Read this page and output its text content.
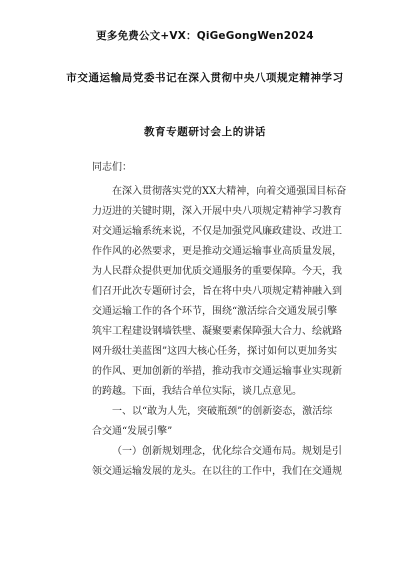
更多免费公文+VX：QiGeGongWen2024
市交通运输局党委书记在深入贯彻中央八项规定精神学习
教育专题研讨会上的讲话
同志们：
在深入贯彻落实党的XX大精神，向着交通强国目标奋
力迈进的关键时期，深入开展中央八项规定精神学习教育
对交通运输系统来说，不仅是加强党风廉政建设、改进工
作作风的必然要求，更是推动交通运输事业高质量发展，
为人民群众提供更加优质交通服务的重要保障。今天，我
们召开此次专题研讨会，旨在将中央八项规定精神融入到
交通运输工作的各个环节，围绕“激活综合交通发展引擎
筑牢工程建设钢墙铁壁、凝聚要素保障强大合力、绘就路
网升级壮美蓝图”这四大核心任务，探讨如何以更加务实
的作风、更加创新的举措，推动我市交通运输事业实现新
的跨越。下面，我结合单位实际，谈几点意见。
一、以“敢为人先，突破瓶颈”的创新姿态，激活综
合交通“发展引擎”
（一）创新规划理念，优化综合交通布局。规划是引
领交通运输发展的龙头。在以往的工作中，我们在交通规
